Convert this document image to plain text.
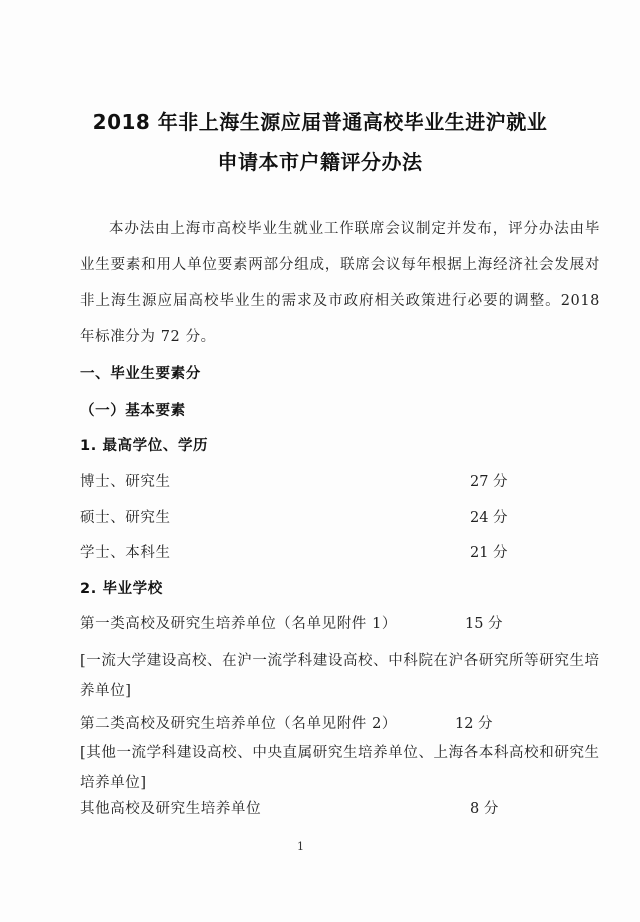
2018 年非上海生源应届普通高校毕业生进沪就业
申请本市户籍评分办法
本办法由上海市高校毕业生就业工作联席会议制定并发布，评分办法由毕业生要素和用人单位要素两部分组成，联席会议每年根据上海经济社会发展对非上海生源应届高校毕业生的需求及市政府相关政策进行必要的调整。2018 年标准分为 72 分。
一、毕业生要素分
（一）基本要素
1. 最高学位、学历
博士、研究生	27 分
硕士、研究生	24 分
学士、本科生	21 分
2. 毕业学校
第一类高校及研究生培养单位（名单见附件 1）	15 分
[一流大学建设高校、在沪一流学科建设高校、中科院在沪各研究所等研究生培养单位]
第二类高校及研究生培养单位（名单见附件 2）	12 分
[其他一流学科建设高校、中央直属研究生培养单位、上海各本科高校和研究生培养单位]
其他高校及研究生培养单位	8 分
1
